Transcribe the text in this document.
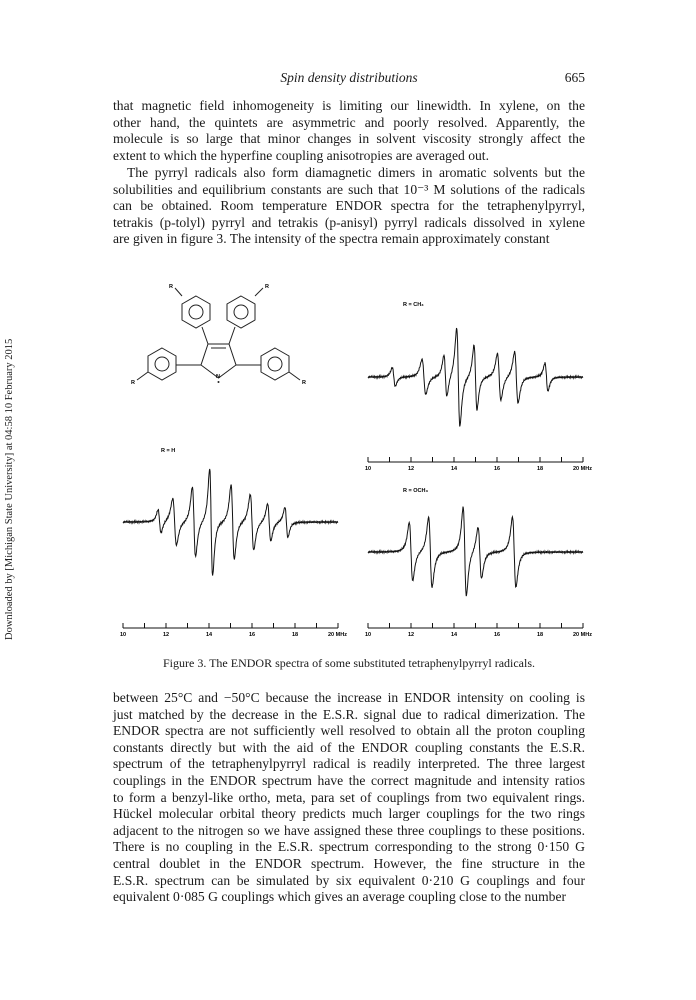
Spin density distributions	665
Downloaded by [Michigan State University] at 04:58 10 February 2015
that magnetic field inhomogeneity is limiting our linewidth. In xylene, on the
other hand, the quintets are asymmetric and poorly resolved. Apparently, the
molecule is so large that minor changes in solvent viscosity strongly affect the
extent to which the hyperfine coupling anisotropies are averaged out.
The pyrryl radicals also form diamagnetic dimers in aromatic solvents but the
solubilities and equilibrium constants are such that 10⁻³ M solutions of the radicals
can be obtained. Room temperature ENDOR spectra for the tetraphenylpyrryl,
tetrakis (p-tolyl) pyrryl and tetrakis (p-anisyl) pyrryl radicals dissolved in xylene
are given in figure 3. The intensity of the spectra remain approximately constant
R	R
R	R
N
R = CH₃
R = H
R = OCH₃
10	12	14	16	18	20 MHz
10	12	14	16	18	20 MHz	10	12	14	16	18	20 MHz
Figure 3. The ENDOR spectra of some substituted tetraphenylpyrryl radicals.
between 25°C and −50°C because the increase in ENDOR intensity on cooling is
just matched by the decrease in the E.S.R. signal due to radical dimerization. The
ENDOR spectra are not sufficiently well resolved to obtain all the proton coupling
constants directly but with the aid of the ENDOR coupling constants the E.S.R.
spectrum of the tetraphenylpyrryl radical is readily interpreted. The three largest
couplings in the ENDOR spectrum have the correct magnitude and intensity ratios
to form a benzyl-like ortho, meta, para set of couplings from two equivalent rings.
Hückel molecular orbital theory predicts much larger couplings for the two rings
adjacent to the nitrogen so we have assigned these three couplings to these positions.
There is no coupling in the E.S.R. spectrum corresponding to the strong 0·150 G
central doublet in the ENDOR spectrum. However, the fine structure in the
E.S.R. spectrum can be simulated by six equivalent 0·210 G couplings and four
equivalent 0·085 G couplings which gives an average coupling close to the number
